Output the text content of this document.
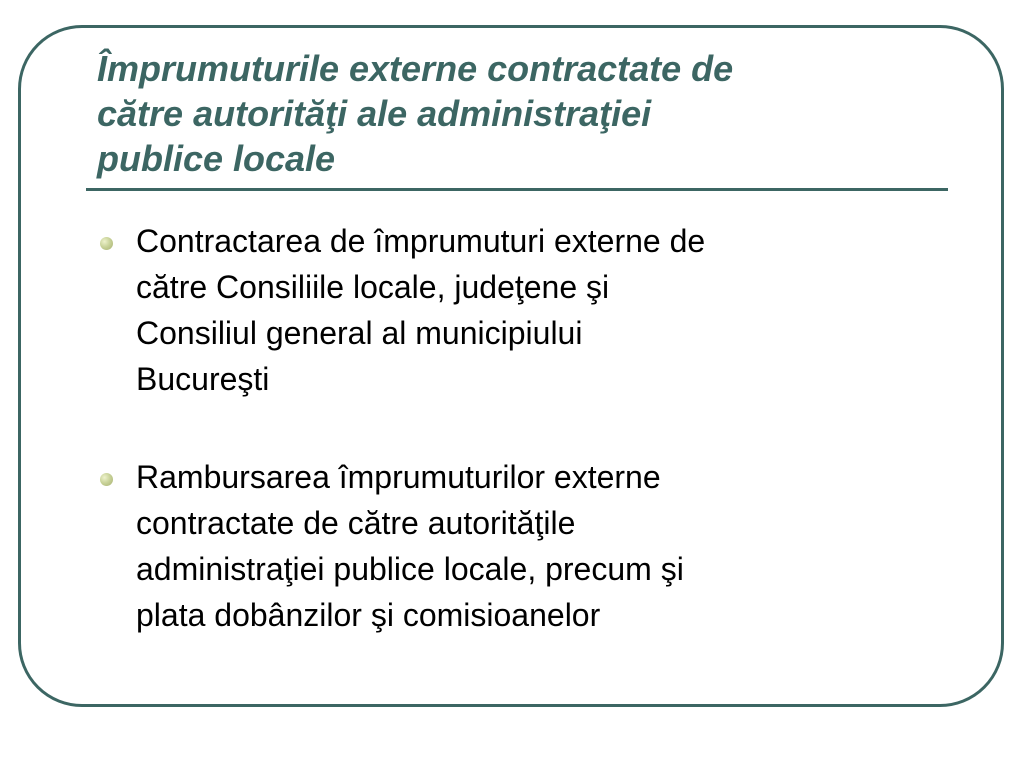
Împrumuturile externe contractate de
către autorităţi ale administraţiei
publice locale
Contractarea de împrumuturi externe de
către Consiliile locale, judeţene şi
Consiliul general al municipiului
Bucureşti
Rambursarea împrumuturilor externe
contractate de către autorităţile
administraţiei publice locale, precum şi
plata dobânzilor şi comisioanelor
